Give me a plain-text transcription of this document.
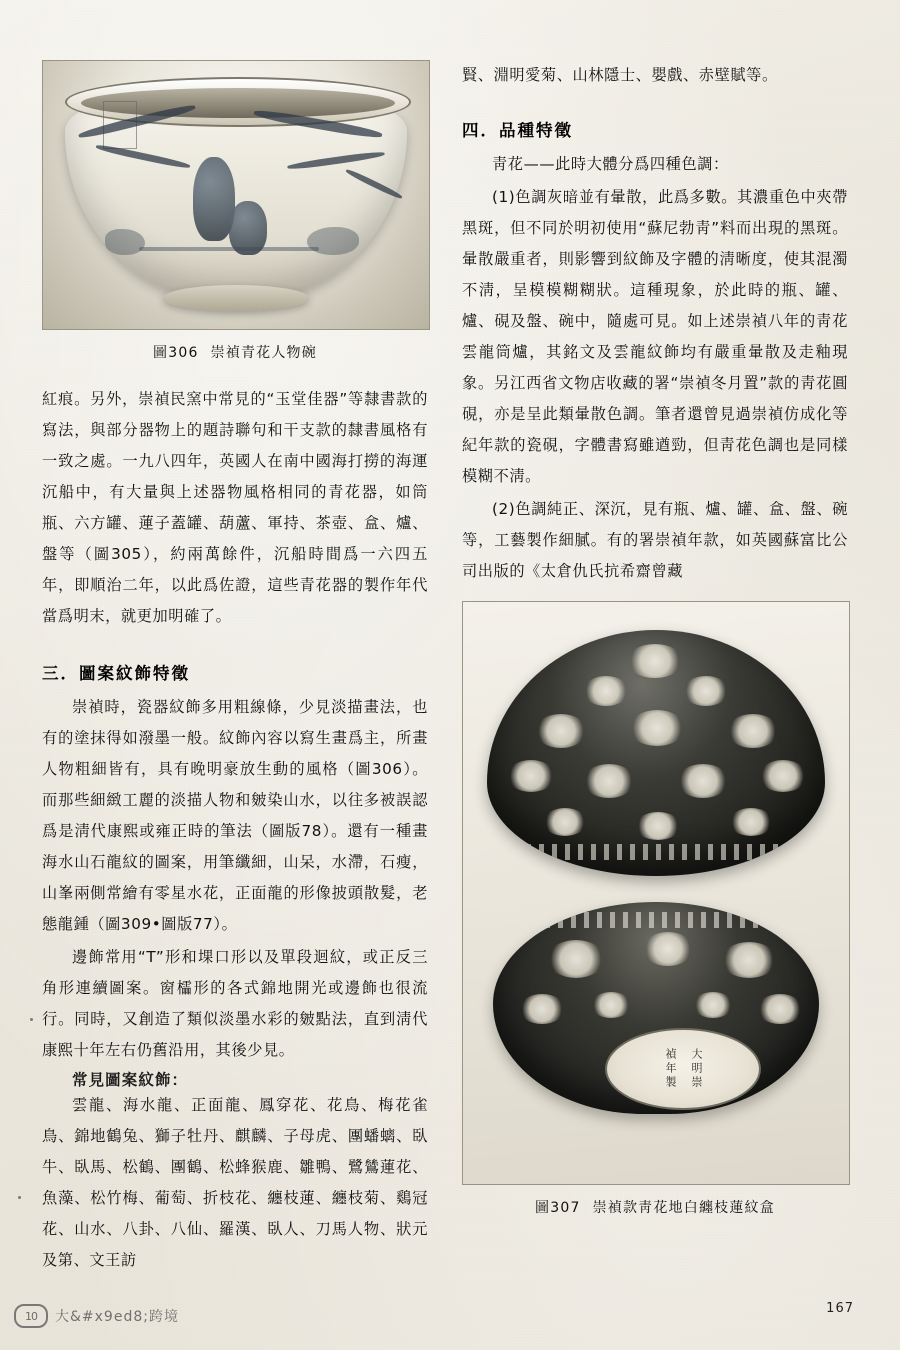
圖306 崇禎青花人物碗

紅痕。另外，崇禎民窯中常見的“玉堂佳器”等隸書款的寫法，與部分器物上的題詩聯句和干支款的隸書風格有一致之處。一九八四年，英國人在南中國海打撈的海運沉船中，有大量與上述器物風格相同的青花器，如筒瓶、六方罐、蓮子蓋罐、葫蘆、軍持、茶壺、盒、爐、盤等（圖305），約兩萬餘件，沉船時間爲一六四五年，即順治二年，以此爲佐證，這些青花器的製作年代當爲明末，就更加明確了。

三．圖案紋飾特徵

崇禎時，瓷器紋飾多用粗線條，少見淡描畫法，也有的塗抹得如潑墨一般。紋飾內容以寫生畫爲主，所畫人物粗細皆有，具有晚明豪放生動的風格（圖306）。而那些細緻工麗的淡描人物和皴染山水，以往多被誤認爲是淸代康熙或雍正時的筆法（圖版78）。還有一種畫海水山石龍紋的圖案，用筆纖細，山呆，水滯，石瘦，山峯兩側常繪有零星水花，正面龍的形像披頭散髮，老態龍鍾（圖309•圖版77）。

邊飾常用“T”形和堁口形以及單段迴紋，或正反三角形連續圖案。窗櫺形的各式錦地開光或邊飾也很流行。同時，又創造了類似淡墨水彩的皴點法，直到淸代康熙十年左右仍舊沿用，其後少見。

常見圖案紋飾：

雲龍、海水龍、正面龍、鳳穿花、花鳥、梅花雀鳥、錦地鶴兔、獅子牡丹、麒麟、子母虎、團蟠螭、臥牛、臥馬、松鶴、團鶴、松蜂猴鹿、雛鴨、鷺鷥蓮花、魚藻、松竹梅、葡萄、折枝花、纏枝蓮、纏枝菊、鷄冠花、山水、八卦、八仙、羅漢、臥人、刀馬人物、狀元及第、文王訪

賢、淵明愛菊、山林隱士、嬰戲、赤壁賦等。

四．品種特徵

靑花——此時大體分爲四種色調：

(1)色調灰暗並有暈散，此爲多數。其濃重色中夾帶黑斑，但不同於明初使用“蘇尼勃靑”料而出現的黑斑。暈散嚴重者，則影響到紋飾及字體的淸晰度，使其混濁不淸，呈模模糊糊狀。這種現象，於此時的瓶、罐、爐、硯及盤、碗中，隨處可見。如上述崇禎八年的靑花雲龍筒爐，其銘文及雲龍紋飾均有嚴重暈散及走釉現象。另江西省文物店收藏的署“崇禎冬月置”款的靑花圓硯，亦是呈此類暈散色調。筆者還曾見過崇禎仿成化等紀年款的瓷硯，字體書寫雖遒勁，但靑花色調也是同樣模糊不淸。

(2)色調純正、深沉，見有瓶、爐、罐、盒、盤、碗等，工藝製作細膩。有的署崇禎年款，如英國蘇富比公司出版的《太倉仇氏抗希齋曾藏

禎年製 大明崇
圖307 崇禎款靑花地白纏枝蓮紋盒
167
10	大&#x9ed8;跨境
